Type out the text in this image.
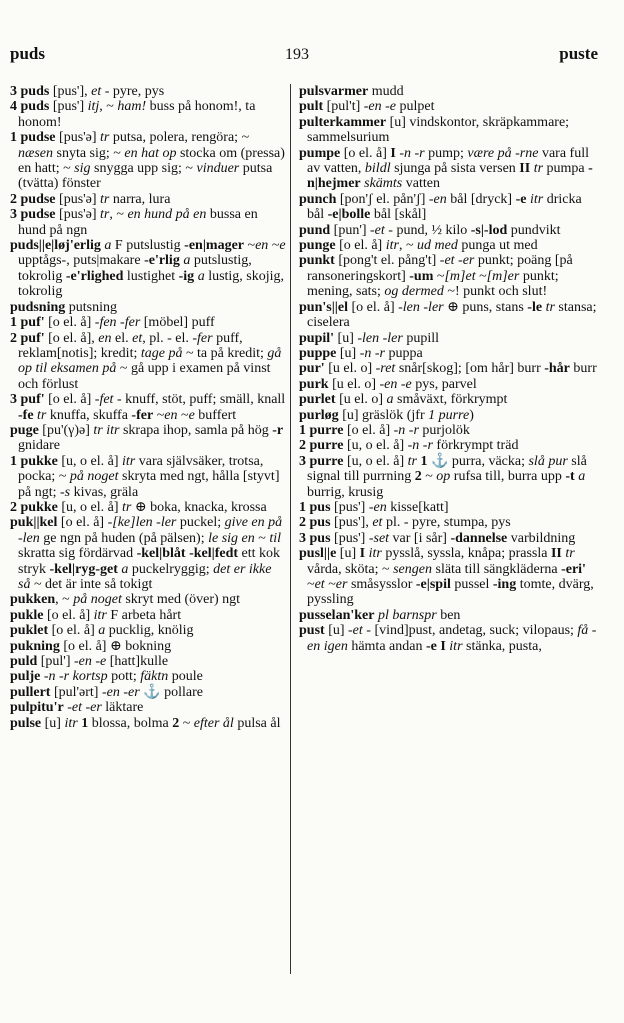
puds	193	puste

3 puds [pus'], et - pyre, pys

4 puds [pus'] itj, ~ ham! buss på honom!, ta honom!

1 pudse [pus'ə] tr putsa, polera, rengöra; ~ næsen snyta sig; ~ en hat op stocka om (pressa) en hatt; ~ sig snygga upp sig; ~ vinduer putsa (tvätta) fönster

2 pudse [pus'ə] tr narra, lura

3 pudse [pus'ə] tr, ~ en hund på en bussa en hund på ngn

puds||e|løj'erlig a F putslustig -en|mager ~en ~e upptågs-, puts|makare -e'rlig a putslustig, tokrolig -e'rlighed lustighet -ig a lustig, skojig, tokrolig

pudsning putsning

1 puf' [o el. å] -fen -fer [möbel] puff

2 puf' [o el. å], en el. et, pl. - el. -fer puff, reklam[notis]; kredit; tage på ~ ta på kredit; gå op til eksamen på ~ gå upp i examen på vinst och förlust

3 puf' [o el. å] -fet - knuff, stöt, puff; smäll, knall -fe tr knuffa, skuffa -fer ~en ~e buffert

puge [pu'(γ)ə] tr itr skrapa ihop, samla på hög -r gnidare

1 pukke [u, o el. å] itr vara självsäker, trotsa, pocka; ~ på noget skryta med ngt, hålla [styvt] på ngt; -s kivas, gräla

2 pukke [u, o el. å] tr ⊕ boka, knacka, krossa

puk||kel [o el. å] -[ke]len -ler puckel; give en på -len ge ngn på huden (på pälsen); le sig en ~ til skratta sig fördärvad -kel|blåt -kel|fedt ett kok stryk -kel|ryg-get a puckelryggig; det er ikke så ~ det är inte så tokigt

pukken, ~ på noget skryt med (över) ngt

pukle [o el. å] itr F arbeta hårt

puklet [o el. å] a pucklig, knölig

pukning [o el. å] ⊕ bokning

puld [pul'] -en -e [hatt]kulle

pulje -n -r kortsp pott; fäktn poule

pullert [pul'ərt] -en -er ⚓ pollare

pulpitu'r -et -er läktare

pulse [u] itr 1 blossa, bolma 2 ~ efter ål pulsa ål

pulsvarmer mudd

pult [pul't] -en -e pulpet

pulterkammer [u] vindskontor, skräpkammare; sammelsurium

pumpe [o el. å] I -n -r pump; være på -rne vara full av vatten, bildl sjunga på sista versen II tr pumpa -n|hejmer skämts vatten

punch [pon'ʃ el. pån'ʃ] -en bål [dryck] -e itr dricka bål -e|bolle bål [skål]

pund [pun'] -et - pund, ½ kilo -s|-lod pundvikt

punge [o el. å] itr, ~ ud med punga ut med

punkt [pong't el. pång't] -et -er punkt; poäng [på ransoneringskort] -um ~[m]et ~[m]er punkt; mening, sats; og dermed ~! punkt och slut!

pun's||el [o el. å] -len -ler ⊕ puns, stans -le tr stansa; ciselera

pupil' [u] -len -ler pupill

puppe [u] -n -r puppa

pur' [u el. o] -ret snår[skog]; [om hår] burr -hår burr

purk [u el. o] -en -e pys, parvel

purlet [u el. o] a småväxt, förkrympt

purløg [u] gräslök (jfr 1 purre)

1 purre [o el. å] -n -r purjolök

2 purre [u, o el. å] -n -r förkrympt träd

3 purre [u, o el. å] tr 1 ⚓ purra, väcka; slå pur slå signal till purrning 2 ~ op rufsa till, burra upp -t a burrig, krusig

1 pus [pus'] -en kisse[katt]

2 pus [pus'], et pl. - pyre, stumpa, pys

3 pus [pus'] -set var [i sår] -dannelse varbildning

pusl||e [u] I itr pysslå, syssla, knåpa; prassla II tr vårda, sköta; ~ sengen släta till sängkläderna -eri' ~et ~er småsysslor -e|spil pussel -ing tomte, dvärg, pyssling

pusselan'ker pl barnspr ben

pust [u] -et - [vind]pust, andetag, suck; vilopaus; få -en igen hämta andan -e I itr stänka, pusta,
